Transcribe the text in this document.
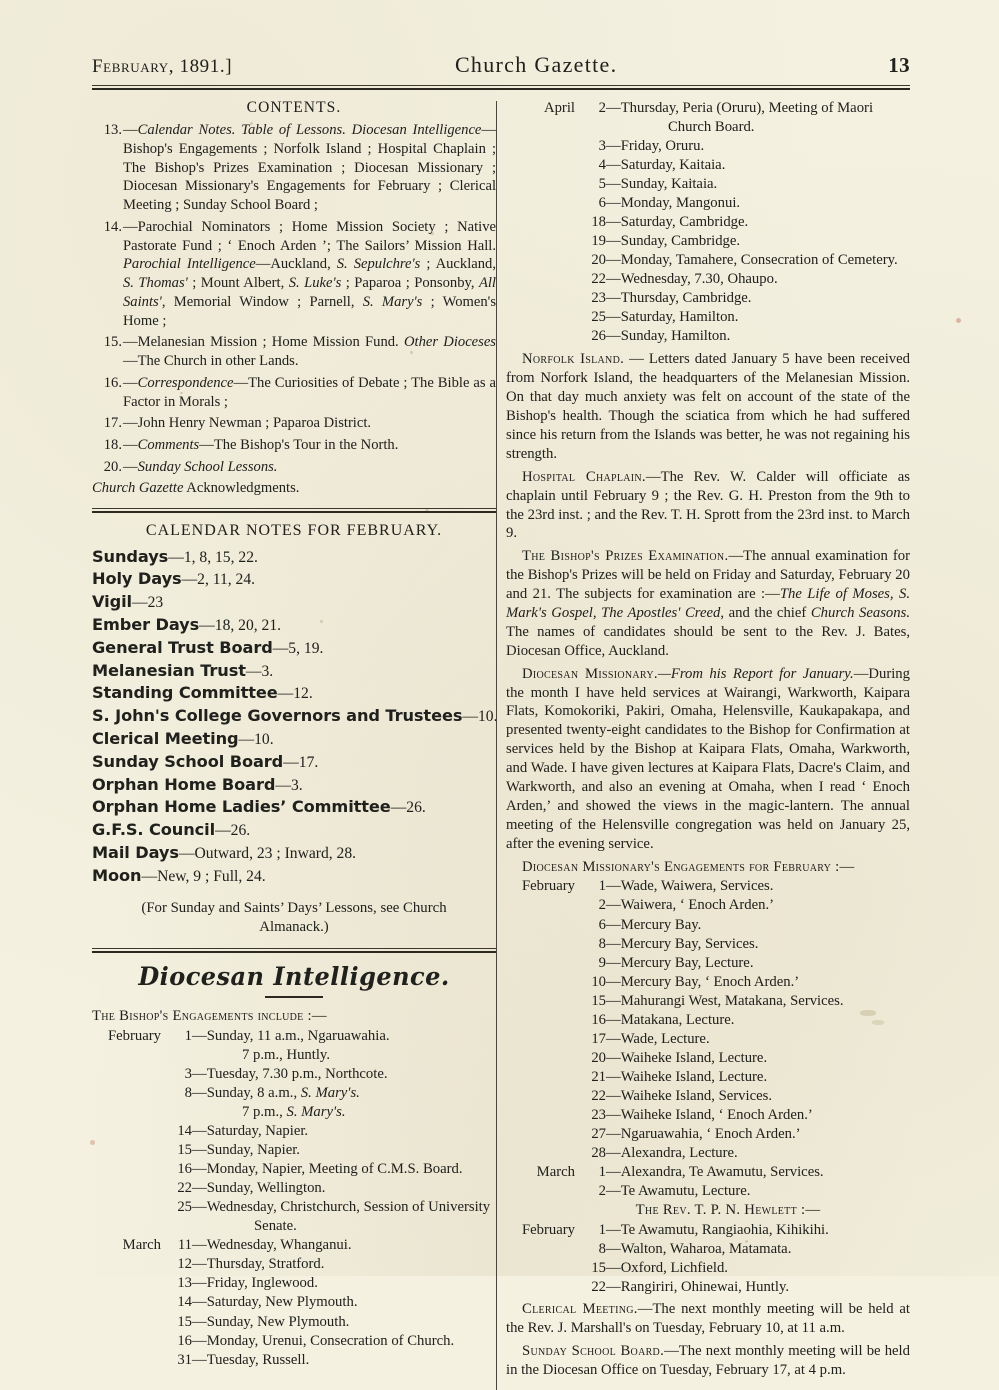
February, 1891.]	Church Gazette.	13
CONTENTS.
13. —Calendar Notes. Table of Lessons. Diocesan Intelligence—Bishop's Engagements ; Norfolk Island ; Hospital Chaplain ; The Bishop's Prizes Examination ; Diocesan Missionary ; Diocesan Missionary's Engagements for February ; Clerical Meeting ; Sunday School Board ;
14. —Parochial Nominators ; Home Mission Society ; Native Pastorate Fund ; ‘ Enoch Arden ’; The Sailors’ Mission Hall. Parochial Intelligence—Auckland, S. Sepulchre's ; Auckland, S. Thomas' ; Mount Albert, S. Luke's ; Paparoa ; Ponsonby, All Saints', Memorial Window ; Parnell, S. Mary's ; Women's Home ;
15. —Melanesian Mission ; Home Mission Fund. Other Dioceses—The Church in other Lands.
16. —Correspondence—The Curiosities of Debate ; The Bible as a Factor in Morals ;
17. —John Henry Newman ; Paparoa District.
18. —Comments—The Bishop's Tour in the North.
20. —Sunday School Lessons.
Church Gazette Acknowledgments.
CALENDAR NOTES FOR FEBRUARY.
Sundays—1, 8, 15, 22.
Holy Days—2, 11, 24.
Vigil—23
Ember Days—18, 20, 21.
General Trust Board—5, 19.
Melanesian Trust—3.
Standing Committee—12.
S. John's College Governors and Trustees—10.
Clerical Meeting—10.
Sunday School Board—17.
Orphan Home Board—3.
Orphan Home Ladies’ Committee—26.
G.F.S. Council—26.
Mail Days—Outward, 23 ; Inward, 28.
Moon—New, 9 ; Full, 24.
(For Sunday and Saints’ Days’ Lessons, see Church Almanack.)
Diocesan Intelligence.
The Bishop's Engagements include :—
February	1 —Sunday, 11 a.m., Ngaruawahia.
7 p.m., Huntly.
3 —Tuesday, 7.30 p.m., Northcote.
8 —Sunday, 8 a.m., S. Mary's.
7 p.m., S. Mary's.
14 —Saturday, Napier.
15 —Sunday, Napier.
16 —Monday, Napier, Meeting of C.M.S. Board.
22 —Sunday, Wellington.
25 —Wednesday, Christchurch, Session of University
Senate.
March	11 —Wednesday, Whanganui.
12 —Thursday, Stratford.
13 —Friday, Inglewood.
14 —Saturday, New Plymouth.
15 —Sunday, New Plymouth.
16 —Monday, Urenui, Consecration of Church.
31 —Tuesday, Russell.
April	2 —Thursday, Peria (Oruru), Meeting of Maori
Church Board.
3 —Friday, Oruru.
4 —Saturday, Kaitaia.
5 —Sunday, Kaitaia.
6 —Monday, Mangonui.
18 —Saturday, Cambridge.
19 —Sunday, Cambridge.
20 —Monday, Tamahere, Consecration of Cemetery.
22 —Wednesday, 7.30, Ohaupo.
23 —Thursday, Cambridge.
25 —Saturday, Hamilton.
26 —Sunday, Hamilton.
Norfolk Island. — Letters dated January 5 have been received from Norfork Island, the headquarters of the Melanesian Mission. On that day much anxiety was felt on account of the state of the Bishop's health. Though the sciatica from which he had suffered since his return from the Islands was better, he was not regaining his strength.
Hospital Chaplain.—The Rev. W. Calder will officiate as chaplain until February 9 ; the Rev. G. H. Preston from the 9th to the 23rd inst. ; and the Rev. T. H. Sprott from the 23rd inst. to March 9.
The Bishop's Prizes Examination.—The annual examination for the Bishop's Prizes will be held on Friday and Saturday, February 20 and 21. The subjects for examination are :—The Life of Moses, S. Mark's Gospel, The Apostles' Creed, and the chief Church Seasons. The names of candidates should be sent to the Rev. J. Bates, Diocesan Office, Auckland.
Diocesan Missionary.—From his Report for January.—During the month I have held services at Wairangi, Warkworth, Kaipara Flats, Komokoriki, Pakiri, Omaha, Helensville, Kaukapakapa, and presented twenty-eight candidates to the Bishop for Confirmation at services held by the Bishop at Kaipara Flats, Omaha, Warkworth, and Wade. I have given lectures at Kaipara Flats, Dacre's Claim, and Warkworth, and also an evening at Omaha, when I read ‘ Enoch Arden,’ and showed the views in the magic-lantern. The annual meeting of the Helensville congregation was held on January 25, after the evening service.
Diocesan Missionary's Engagements for February :—
February	1 —Wade, Waiwera, Services.
2 —Waiwera, ‘ Enoch Arden.’
6 —Mercury Bay.
8 —Mercury Bay, Services.
9 —Mercury Bay, Lecture.
10 —Mercury Bay, ‘ Enoch Arden.’
15 —Mahurangi West, Matakana, Services.
16 —Matakana, Lecture.
17 —Wade, Lecture.
20 —Waiheke Island, Lecture.
21 —Waiheke Island, Lecture.
22 —Waiheke Island, Services.
23 —Waiheke Island, ‘ Enoch Arden.’
27 —Ngaruawahia, ‘ Enoch Arden.’
28 —Alexandra, Lecture.
March	1 —Alexandra, Te Awamutu, Services.
2 —Te Awamutu, Lecture.
The Rev. T. P. N. Hewlett :—
February	1 —Te Awamutu, Rangiaohia, Kihikihi.
8 —Walton, Waharoa, Matamata.
15 —Oxford, Lichfield.
22 —Rangiriri, Ohinewai, Huntly.
Clerical Meeting.—The next monthly meeting will be held at the Rev. J. Marshall's on Tuesday, February 10, at 11 a.m.
Sunday School Board.—The next monthly meeting will be held in the Diocesan Office on Tuesday, February 17, at 4 p.m.
